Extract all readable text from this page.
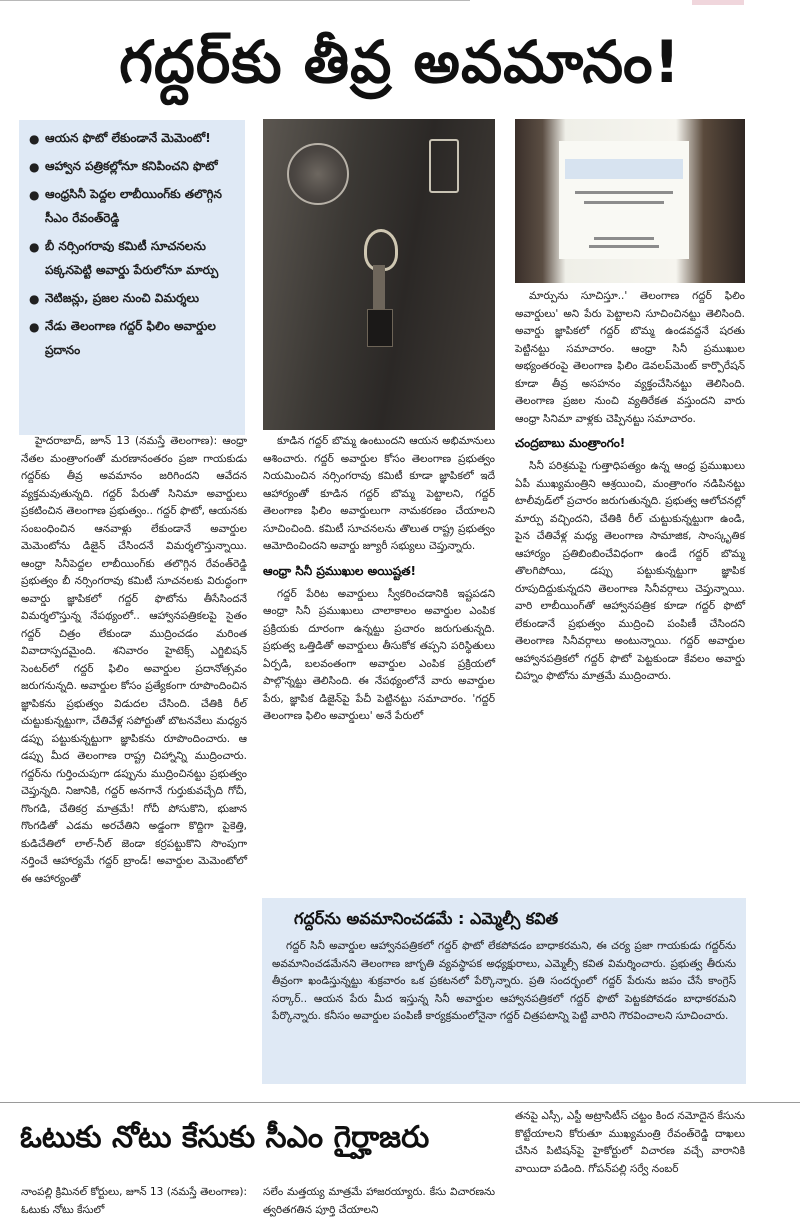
గద్దర్‌కు తీవ్ర అవమానం!
● ఆయన ఫొటో లేకుండానే మెమెంటో!
● ఆహ్వాన పత్రికల్లోనూ కనిపించని ఫొటో
● ఆంధ్రసినీ పెద్దల లాబీయింగ్‌కు తలొగ్గిన సీఎం రేవంత్‌రెడ్డి
● బీ నర్సింగరావు కమిటీ సూచనలను పక్కనపెట్టి అవార్డు పేరులోనూ మార్పు
● నెటిజన్లు, ప్రజల నుంచి విమర్శలు
● నేడు తెలంగాణ గద్దర్ ఫిలిం అవార్డుల ప్రదానం

హైదరాబాద్, జూన్ 13 (నమస్తే తెలంగాణ): ఆంధ్రా నేతల మంత్రాంగంతో మరణానంతరం ప్రజా గాయకుడు గద్దర్‌కు తీవ్ర అవమానం జరిగిందని ఆవేదన వ్యక్తమవుతున్నది. గద్దర్ పేరుతో సినిమా అవార్డులు ప్రకటించిన తెలంగాణ ప్రభుత్వం.. గద్దర్ ఫొటో, ఆయనకు సంబంధించిన ఆనవాళ్లు లేకుండానే అవార్డుల మెమెంటోను డిజైన్ చేసిందనే విమర్శలొస్తున్నాయి. ఆంధ్రా సినీపెద్దల లాబీయింగ్‌కు తలొగ్గిన రేవంత్‌రెడ్డి ప్రభుత్వం బీ నర్సింగరావు కమిటీ సూచనలకు విరుద్ధంగా అవార్డు జ్ఞాపికలో గద్దర్ ఫొటోను తీసేసిందనే విమర్శలొస్తున్న నేపథ్యంలో.. ఆహ్వానపత్రికలపై సైతం గద్దర్ చిత్రం లేకుండా ముద్రించడం మరింత వివాదాస్పదమైంది. శనివారం హైటెక్స్ ఎగ్జిబిషన్ సెంటర్‌లో గద్దర్ ఫిలిం అవార్డుల ప్రదానోత్సవం జరుగనున్నది. అవార్డుల కోసం ప్రత్యేకంగా రూపొందించిన జ్ఞాపికను ప్రభుత్వం విడుదల చేసింది. చేతికి రీల్ చుట్టుకున్నట్టుగా, చేతివేళ్ల సపోర్టుతో బొటనవేలు మధ్యన డప్పు పట్టుకున్నట్టుగా జ్ఞాపికను రూపొందించారు. ఆ డప్పు మీద తెలంగాణ రాష్ట్ర చిహ్నాన్ని ముద్రించారు. గద్దర్‌ను గుర్తించుపుగా డప్పును ముద్రించినట్టు ప్రభుత్వం చెప్తున్నది. నిజానికి, గద్దర్ అనగానే గుర్తుకువచ్చేది గోచీ, గొంగడి, చేతికర్ర మాత్రమే! గోచీ పోసుకొని, భుజాన గొంగడితో ఎడమ అరచేతిని అడ్డంగా కొద్దిగా పైకెత్తి, కుడిచేతిలో లాల్-నీల్ జెండా కర్రపట్టుకొని సొంపుగా నర్తించే ఆహార్యమే గద్దర్ బ్రాండ్! అవార్డుల మెమెంటోలో ఈ ఆహార్యంతో

కూడిన గద్దర్ బొమ్మ ఉంటుందని ఆయన అభిమానులు ఆశించారు. గద్దర్ అవార్డుల కోసం తెలంగాణ ప్రభుత్వం నియమించిన నర్సింగరావు కమిటీ కూడా జ్ఞాపికలో ఇదే ఆహార్యంతో కూడిన గద్దర్ బొమ్మ పెట్టాలని, గద్దర్ తెలంగాణ ఫిలిం అవార్డులుగా నామకరణం చేయాలని సూచించింది. కమిటీ సూచనలను తొలుత రాష్ట్ర ప్రభుత్వం ఆమోదించిందని అవార్డు జ్యూరీ సభ్యులు చెప్తున్నారు.

ఆంధ్రా సినీ ప్రముఖుల అయిష్టత!

గద్దర్ పేరిట అవార్డులు స్వీకరించడానికి ఇష్టపడని ఆంధ్రా సినీ ప్రముఖులు చాలాకాలం అవార్డుల ఎంపిక ప్రక్రియకు దూరంగా ఉన్నట్టు ప్రచారం జరుగుతున్నది. ప్రభుత్వ ఒత్తిడితో అవార్డులు తీసుకోక తప్పని పరిస్థితులు ఏర్పడి, బలవంతంగా అవార్డుల ఎంపిక ప్రక్రియలో పాల్గొన్నట్టు తెలిసింది. ఈ నేపథ్యంలోనే వారు అవార్డుల పేరు, జ్ఞాపిక డిజైన్‌పై పేచీ పెట్టినట్టు సమాచారం. 'గద్దర్ తెలంగాణ ఫిలిం అవార్డులు' అనే పేరులో

మార్పును సూచిస్తూ..' తెలంగాణ గద్దర్ ఫిలిం అవార్డులు' అని పేరు పెట్టాలని సూచించినట్టు తెలిసింది. అవార్డు జ్ఞాపికలో గద్దర్ బొమ్మ ఉండవద్దనే షరతు పెట్టినట్టు సమాచారం. ఆంధ్రా సినీ ప్రముఖుల అభ్యంతరంపై తెలంగాణ ఫిలిం డెవలప్‌మెంట్ కార్పొరేషన్ కూడా తీవ్ర అసహనం వ్యక్తంచేసినట్టు తెలిసింది. తెలంగాణ ప్రజల నుంచి వ్యతిరేకత వస్తుందని వారు ఆంధ్రా సినిమా వాళ్లకు చెప్పినట్టు సమాచారం.

చంద్రబాబు మంత్రాంగం!

సినీ పరిశ్రమపై గుత్తాధిపత్యం ఉన్న ఆంధ్ర ప్రముఖులు ఏపీ ముఖ్యమంత్రిని ఆశ్రయించి, మంత్రాంగం నడిపినట్టు టాలీవుడ్‌లో ప్రచారం జరుగుతున్నది. ప్రభుత్వ ఆలోచనల్లో మార్పు వచ్చిందని, చేతికి రీల్ చుట్టుకున్నట్టుగా ఉండి, పైన చేతివేళ్ల మధ్య తెలంగాణ సామాజిక, సాంస్కృతిక ఆహార్యం ప్రతిబింబించేవిధంగా ఉండే గద్దర్ బొమ్మ తొలగిపోయి, డప్పు పట్టుకున్నట్టుగా జ్ఞాపిక రూపుదిద్దుకున్నదని తెలంగాణ సినీవర్గాలు చెప్తున్నాయి. వారి లాబీయింగ్‌తో ఆహ్వానపత్రిక కూడా గద్దర్ ఫొటో లేకుండానే ప్రభుత్వం ముద్రించి పంపిణీ చేసిందని తెలంగాణ సినీవర్గాలు అంటున్నాయి. గద్దర్ అవార్డుల ఆహ్వానపత్రికలో గద్దర్ ఫొటో పెట్టకుండా కేవలం అవార్డు చిహ్నం ఫొటోను మాత్రమే ముద్రించారు.

గద్దర్‌ను అవమానించడమే : ఎమ్మెల్సీ కవిత

గద్దర్ సినీ అవార్డుల ఆహ్వానపత్రికలో గద్దర్ ఫొటో లేకపోవడం బాధాకరమని, ఈ చర్య ప్రజా గాయకుడు గద్దర్‌ను అవమానించడమేనని తెలంగాణ జాగృతి వ్యవస్థాపక అధ్యక్షురాలు, ఎమ్మెల్సీ కవిత విమర్శించారు. ప్రభుత్వ తీరును తీవ్రంగా ఖండిస్తున్నట్టు శుక్రవారం ఒక ప్రకటనలో పేర్కొన్నారు. ప్రతి సందర్భంలో గద్దర్ పేరును జపం చేసే కాంగ్రెస్ సర్కార్.. ఆయన పేరు మీద ఇస్తున్న సినీ అవార్డుల ఆహ్వానపత్రికలో గద్దర్ ఫొటో పెట్టకపోవడం బాధాకరమని పేర్కొన్నారు. కనీసం అవార్డుల పంపిణీ కార్యక్రమంలోనైనా గద్దర్ చిత్రపటాన్ని పెట్టి వారిని గౌరవించాలని సూచించారు.

ఓటుకు నోటు కేసుకు సీఎం గైర్హాజరు

నాంపల్లి క్రిమినల్ కోర్టులు, జూన్ 13 (నమస్తే తెలంగాణ): ఓటుకు నోటు కేసులో

సలేం మత్తయ్య మాత్రమే హాజరయ్యారు. కేసు విచారణను త్వరితగతిన పూర్తి చేయాలని

తనపై ఎస్సీ, ఎస్టీ అట్రాసిటీస్ చట్టం కింద నమోదైన కేసును కొట్టేయాలని కోరుతూ ముఖ్యమంత్రి రేవంత్‌రెడ్డి దాఖలు చేసిన పిటిషన్‌పై హైకోర్టులో విచారణ వచ్చే వారానికి వాయిదా పడింది. గోపన్‌పల్లి సర్వే నంబర్
